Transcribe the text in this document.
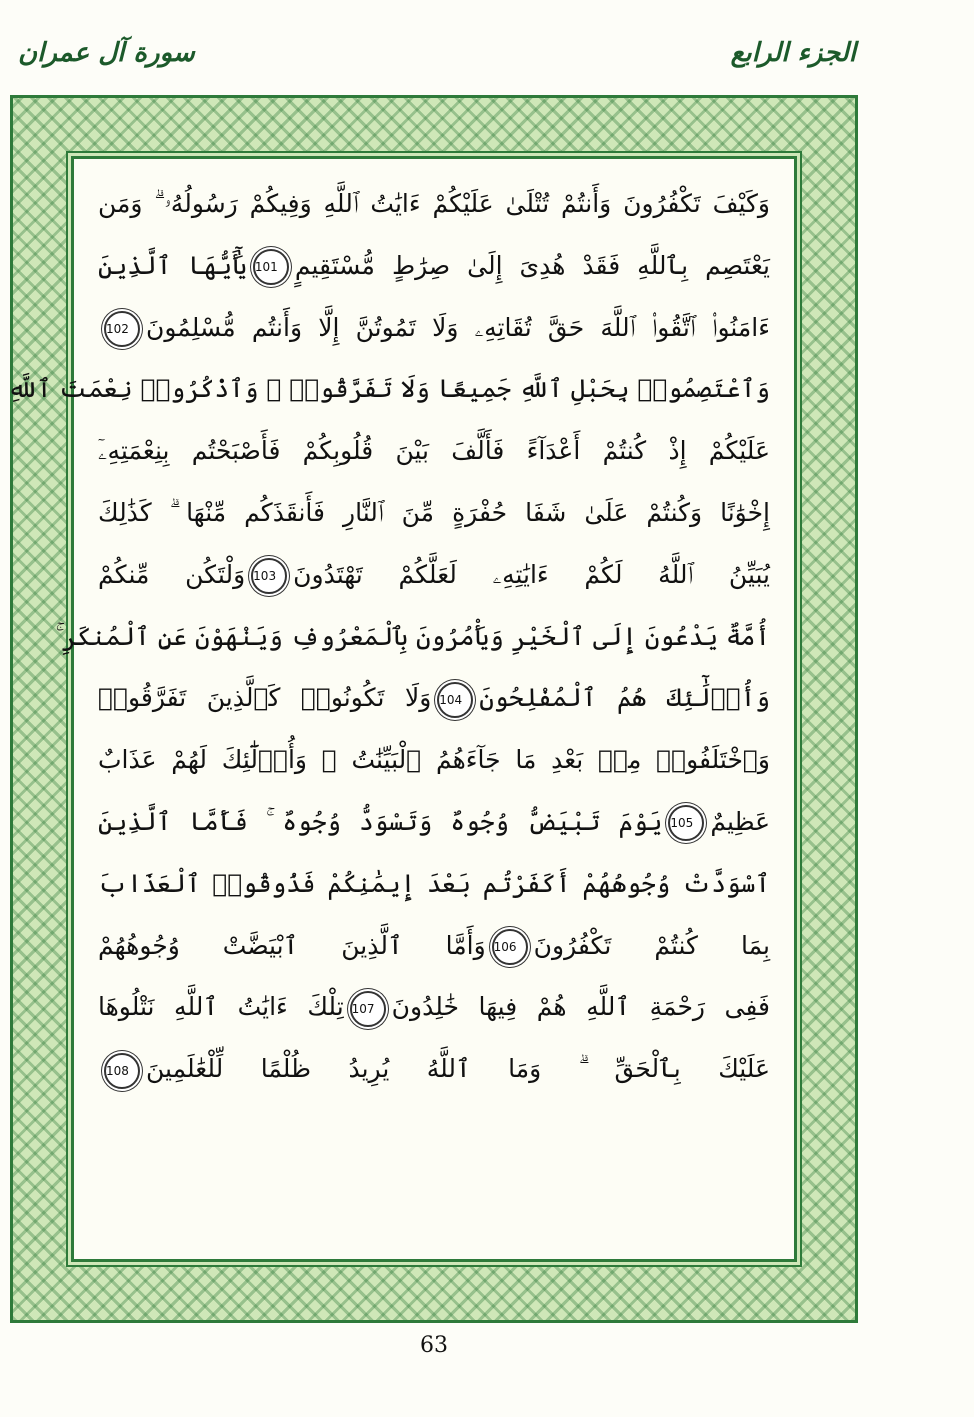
سورة آل عمران	الجزء الرابع
وَكَيْفَ تَكْفُرُونَ وَأَنتُمْ تُتْلَىٰ عَلَيْكُمْ ءَايَٰتُ ٱللَّهِ وَفِيكُمْ رَسُولُهُۥ ۗ وَمَن
يَعْتَصِم بِٱللَّهِ فَقَدْ هُدِىَ إِلَىٰ صِرَٰطٍ مُّسْتَقِيمٍ101يَٰٓأَيُّهَا ٱلَّذِينَ
ءَامَنُوا۟ ٱتَّقُوا۟ ٱللَّهَ حَقَّ تُقَاتِهِۦ وَلَا تَمُوتُنَّ إِلَّا وَأَنتُم مُّسْلِمُونَ102
وَٱعْتَصِمُوا۟ بِحَبْلِ ٱللَّهِ جَمِيعًا وَلَا تَفَرَّقُوا۟ ۚ وَٱذْكُرُوا۟ نِعْمَتَ ٱللَّهِ
عَلَيْكُمْ إِذْ كُنتُمْ أَعْدَآءً فَأَلَّفَ بَيْنَ قُلُوبِكُمْ فَأَصْبَحْتُم بِنِعْمَتِهِۦٓ
إِخْوَٰنًا وَكُنتُمْ عَلَىٰ شَفَا حُفْرَةٍ مِّنَ ٱلنَّارِ فَأَنقَذَكُم مِّنْهَا ۗ كَذَٰلِكَ
يُبَيِّنُ ٱللَّهُ لَكُمْ ءَايَٰتِهِۦ لَعَلَّكُمْ تَهْتَدُونَ103وَلْتَكُن مِّنكُمْ
أُمَّةٌ يَدْعُونَ إِلَى ٱلْخَيْرِ وَيَأْمُرُونَ بِٱلْمَعْرُوفِ وَيَنْهَوْنَ عَنِ ٱلْمُنكَرِ ۚ
وَأُو۟لَٰٓئِكَ هُمُ ٱلْمُفْلِحُونَ104وَلَا تَكُونُوا۟ كَٱلَّذِينَ تَفَرَّقُوا۟
وَٱخْتَلَفُوا۟ مِنۢ بَعْدِ مَا جَآءَهُمُ ٱلْبَيِّنَٰتُ ۚ وَأُو۟لَٰٓئِكَ لَهُمْ عَذَابٌ
عَظِيمٌ105يَوْمَ تَبْيَضُّ وُجُوهٌ وَتَسْوَدُّ وُجُوهٌ ۚ فَأَمَّا ٱلَّذِينَ
ٱسْوَدَّتْ وُجُوهُهُمْ أَكَفَرْتُم بَعْدَ إِيمَٰنِكُمْ فَذُوقُوا۟ ٱلْعَذَابَ
بِمَا كُنتُمْ تَكْفُرُونَ106وَأَمَّا ٱلَّذِينَ ٱبْيَضَّتْ وُجُوهُهُمْ
فَفِى رَحْمَةِ ٱللَّهِ هُمْ فِيهَا خَٰلِدُونَ107تِلْكَ ءَايَٰتُ ٱللَّهِ نَتْلُوهَا
عَلَيْكَ بِٱلْحَقِّ ۗ وَمَا ٱللَّهُ يُرِيدُ ظُلْمًا لِّلْعَٰلَمِينَ108
63
